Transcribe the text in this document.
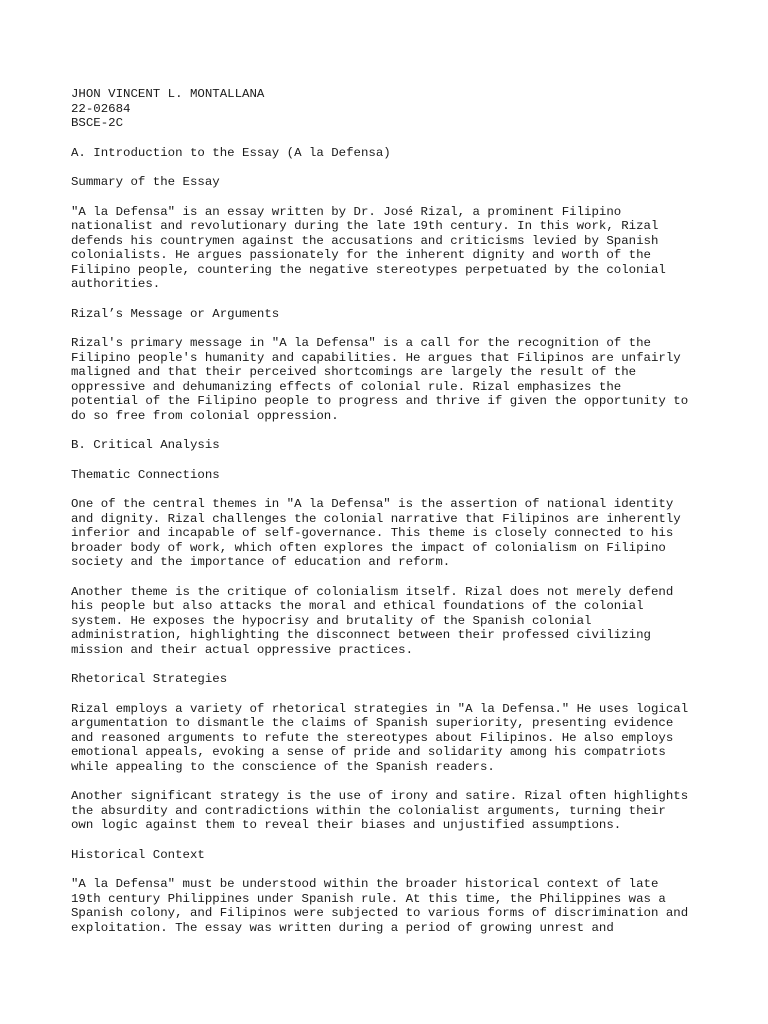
JHON VINCENT L. MONTALLANA
22-02684
BSCE-2C

A. Introduction to the Essay (A la Defensa)

Summary of the Essay

"A la Defensa" is an essay written by Dr. José Rizal, a prominent Filipino
nationalist and revolutionary during the late 19th century. In this work, Rizal
defends his countrymen against the accusations and criticisms levied by Spanish
colonialists. He argues passionately for the inherent dignity and worth of the
Filipino people, countering the negative stereotypes perpetuated by the colonial
authorities.

Rizal’s Message or Arguments

Rizal's primary message in "A la Defensa" is a call for the recognition of the
Filipino people's humanity and capabilities. He argues that Filipinos are unfairly
maligned and that their perceived shortcomings are largely the result of the
oppressive and dehumanizing effects of colonial rule. Rizal emphasizes the
potential of the Filipino people to progress and thrive if given the opportunity to
do so free from colonial oppression.

B. Critical Analysis

Thematic Connections

One of the central themes in "A la Defensa" is the assertion of national identity
and dignity. Rizal challenges the colonial narrative that Filipinos are inherently
inferior and incapable of self-governance. This theme is closely connected to his
broader body of work, which often explores the impact of colonialism on Filipino
society and the importance of education and reform.

Another theme is the critique of colonialism itself. Rizal does not merely defend
his people but also attacks the moral and ethical foundations of the colonial
system. He exposes the hypocrisy and brutality of the Spanish colonial
administration, highlighting the disconnect between their professed civilizing
mission and their actual oppressive practices.

Rhetorical Strategies

Rizal employs a variety of rhetorical strategies in "A la Defensa." He uses logical
argumentation to dismantle the claims of Spanish superiority, presenting evidence
and reasoned arguments to refute the stereotypes about Filipinos. He also employs
emotional appeals, evoking a sense of pride and solidarity among his compatriots
while appealing to the conscience of the Spanish readers.

Another significant strategy is the use of irony and satire. Rizal often highlights
the absurdity and contradictions within the colonialist arguments, turning their
own logic against them to reveal their biases and unjustified assumptions.

Historical Context

"A la Defensa" must be understood within the broader historical context of late
19th century Philippines under Spanish rule. At this time, the Philippines was a
Spanish colony, and Filipinos were subjected to various forms of discrimination and
exploitation. The essay was written during a period of growing unrest and
